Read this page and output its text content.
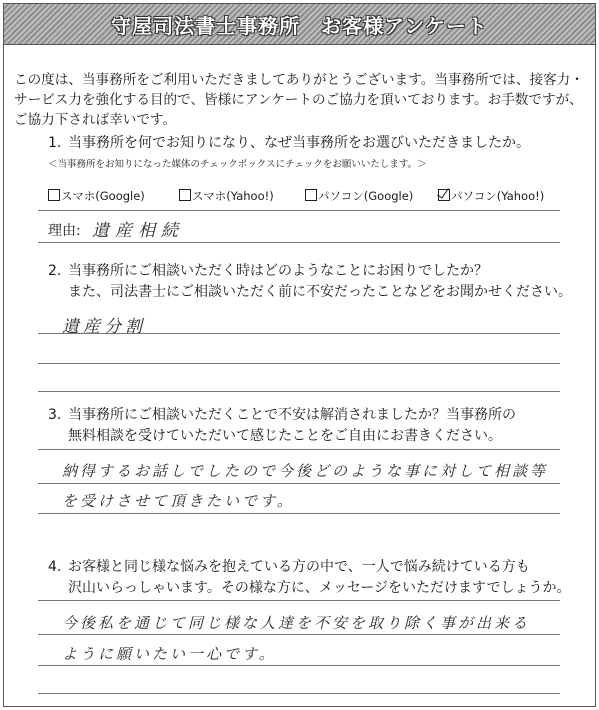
守屋司法書士事務所　お客様アンケート
この度は、当事務所をご利用いただきましてありがとうございます。当事務所では、接客力・サービス力を強化する目的で、皆様にアンケートのご協力を頂いております。お手数ですが、ご協力下されば幸いです。
1. 当事務所を何でお知りになり、なぜ当事務所をお選びいただきましたか。
＜当事務所をお知りになった媒体のチェックボックスにチェックをお願いいたします。＞
スマホ(Google)	スマホ(Yahoo!)	パソコン(Google)	パソコン(Yahoo!)
理由: 遺産相続
2. 当事務所にご相談いただく時はどのようなことにお困りでしたか？
また、司法書士にご相談いただく前に不安だったことなどをお聞かせください。
遺産分割
3. 当事務所にご相談いただくことで不安は解消されましたか？当事務所の
無料相談を受けていただいて感じたことをご自由にお書きください。
納得するお話しでしたので今後どのような事に対して相談等
を受けさせて頂きたいです。
4. お客様と同じ様な悩みを抱えている方の中で、一人で悩み続けている方も
沢山いらっしゃいます。その様な方に、メッセージをいただけますでしょうか。
今後私を通じて同じ様な人達を不安を取り除く事が出来る
ように願いたい一心です。
